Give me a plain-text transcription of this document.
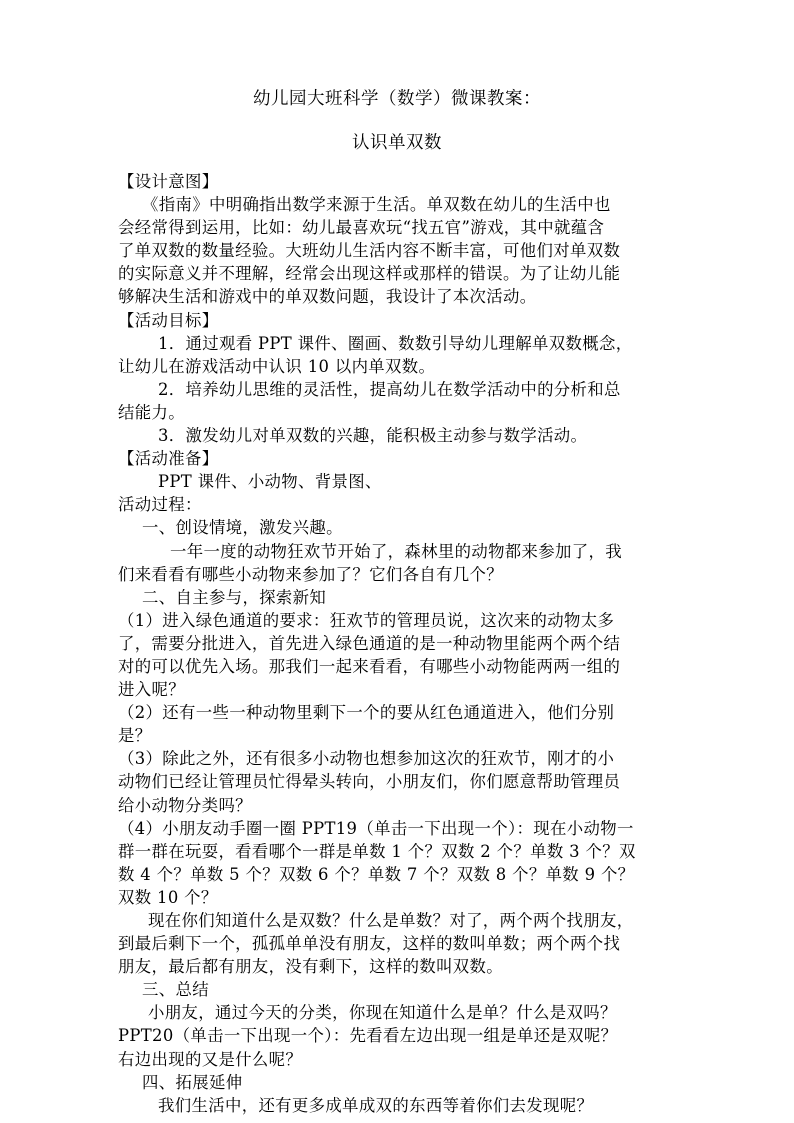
幼儿园大班科学（数学）微课教案：
认识单双数
【设计意图】
《指南》中明确指出数学来源于生活。单双数在幼儿的生活中也
会经常得到运用，比如：幼儿最喜欢玩“找五官”游戏，其中就蕴含
了单双数的数量经验。大班幼儿生活内容不断丰富，可他们对单双数
的实际意义并不理解，经常会出现这样或那样的错误。为了让幼儿能
够解决生活和游戏中的单双数问题，我设计了本次活动。
【活动目标】
1．通过观看 PPT 课件、圈画、数数引导幼儿理解单双数概念，
让幼儿在游戏活动中认识 10 以内单双数。
2．培养幼儿思维的灵活性，提高幼儿在数学活动中的分析和总
结能力。
3．激发幼儿对单双数的兴趣，能积极主动参与数学活动。
【活动准备】
PPT 课件、小动物、背景图、
活动过程：
一、创设情境，激发兴趣。
一年一度的动物狂欢节开始了，森林里的动物都来参加了，我
们来看看有哪些小动物来参加了？它们各自有几个？
二、自主参与，探索新知
（1）进入绿色通道的要求：狂欢节的管理员说，这次来的动物太多
了，需要分批进入，首先进入绿色通道的是一种动物里能两个两个结
对的可以优先入场。那我们一起来看看，有哪些小动物能两两一组的
进入呢？
（2）还有一些一种动物里剩下一个的要从红色通道进入，他们分别
是？
（3）除此之外，还有很多小动物也想参加这次的狂欢节，刚才的小
动物们已经让管理员忙得晕头转向，小朋友们，你们愿意帮助管理员
给小动物分类吗？
（4）小朋友动手圈一圈 PPT19（单击一下出现一个）：现在小动物一
群一群在玩耍，看看哪个一群是单数 1 个？双数 2 个？单数 3 个？双
数 4 个？单数 5 个？双数 6 个？单数 7 个？双数 8 个？单数 9 个？
双数 10 个？
现在你们知道什么是双数？什么是单数？对了，两个两个找朋友，
到最后剩下一个，孤孤单单没有朋友，这样的数叫单数；两个两个找
朋友，最后都有朋友，没有剩下，这样的数叫双数。
三、总结
小朋友，通过今天的分类，你现在知道什么是单？什么是双吗？
PPT20（单击一下出现一个）：先看看左边出现一组是单还是双呢？
右边出现的又是什么呢？
四、拓展延伸
我们生活中，还有更多成单成双的东西等着你们去发现呢？
